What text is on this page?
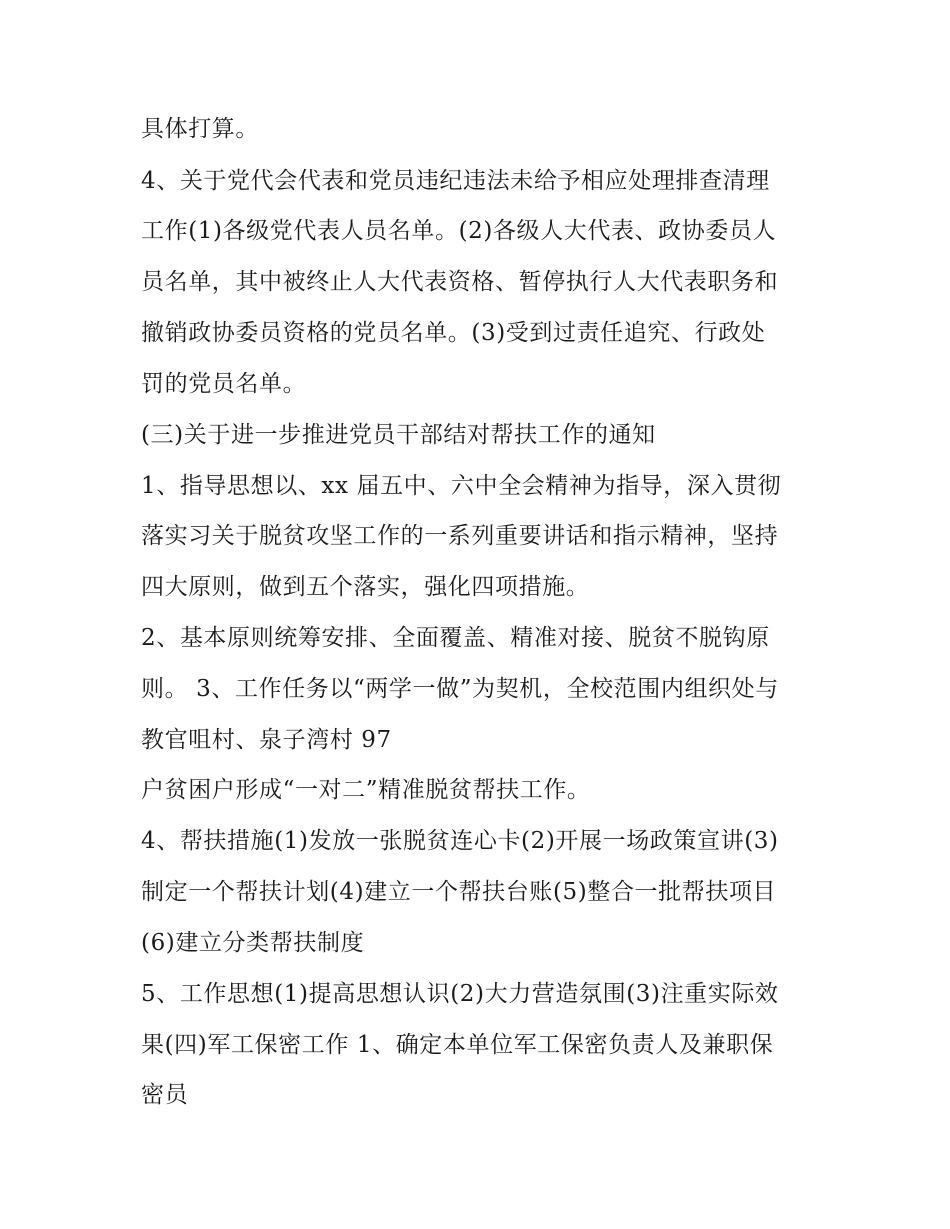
具体打算。
4、关于党代会代表和党员违纪违法未给予相应处理排查清理
工作(1)各级党代表人员名单。(2)各级人大代表、政协委员人
员名单，其中被终止人大代表资格、暂停执行人大代表职务和
撤销政协委员资格的党员名单。(3)受到过责任追究、行政处
罚的党员名单。
(三)关于进一步推进党员干部结对帮扶工作的通知
1、指导思想以、xx 届五中、六中全会精神为指导，深入贯彻
落实习关于脱贫攻坚工作的一系列重要讲话和指示精神，坚持
四大原则，做到五个落实，强化四项措施。
2、基本原则统筹安排、全面覆盖、精准对接、脱贫不脱钩原
则。 3、工作任务以“两学一做”为契机，全校范围内组织处与
教官咀村、泉子湾村 97
户贫困户形成“一对二”精准脱贫帮扶工作。
4、帮扶措施(1)发放一张脱贫连心卡(2)开展一场政策宣讲(3)
制定一个帮扶计划(4)建立一个帮扶台账(5)整合一批帮扶项目
(6)建立分类帮扶制度
5、工作思想(1)提高思想认识(2)大力营造氛围(3)注重实际效
果(四)军工保密工作 1、确定本单位军工保密负责人及兼职保
密员
